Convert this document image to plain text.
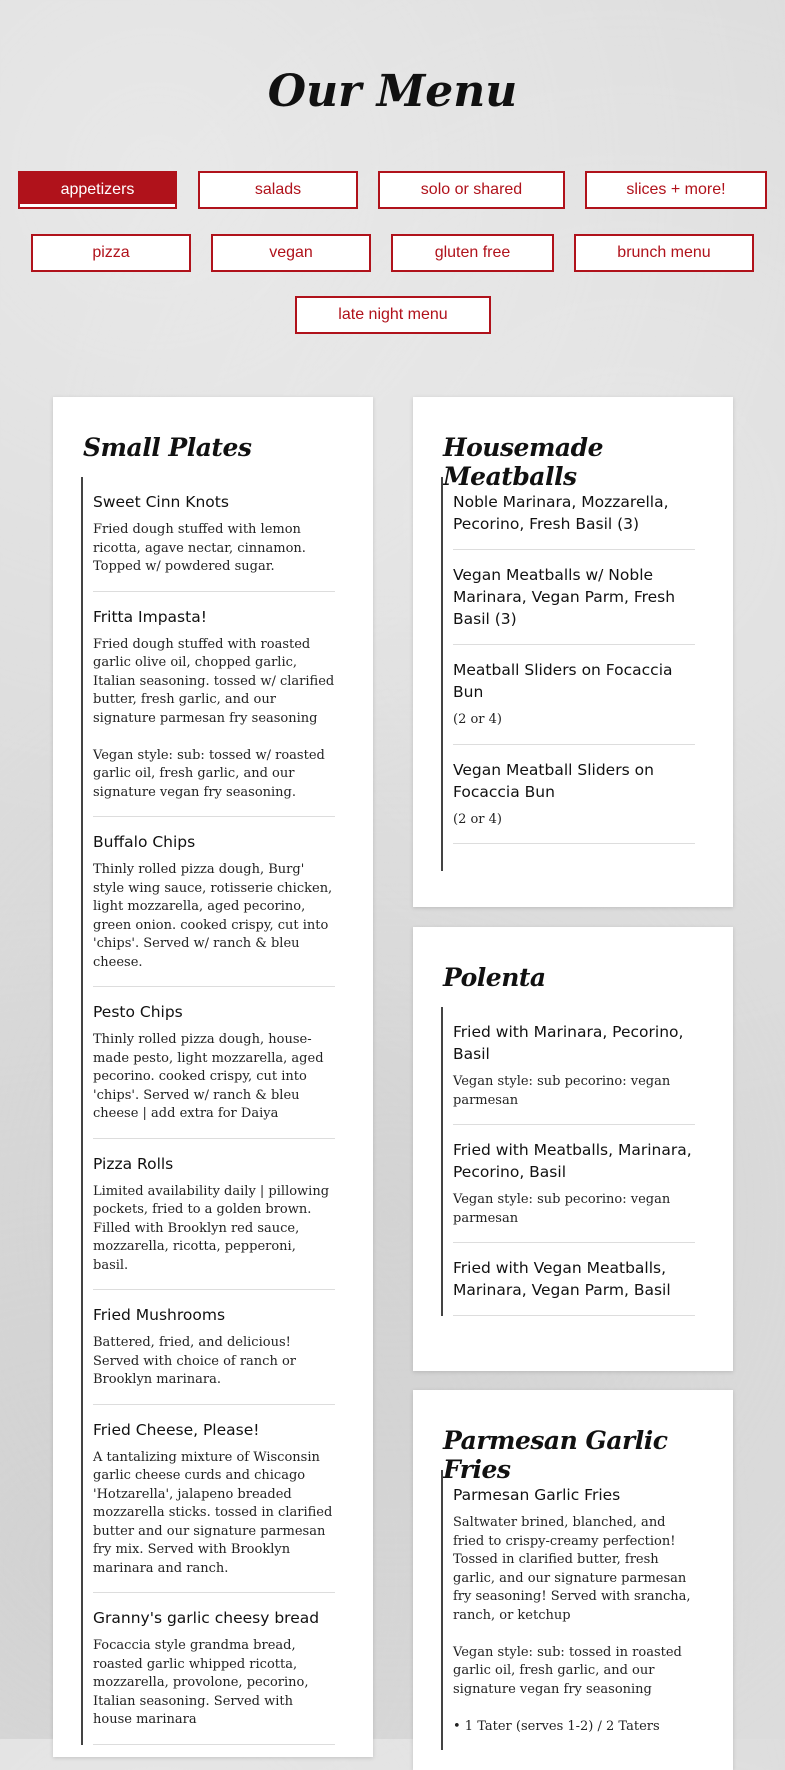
Our Menu
appetizers	salads	solo or shared	slices + more!
pizza	vegan	gluten free	brunch menu
late night menu
Small Plates
Sweet Cinn Knots
Fried dough stuffed with lemon ricotta, agave nectar, cinnamon. Topped w/ powdered sugar.
Fritta Impasta!
Fried dough stuffed with roasted garlic olive oil, chopped garlic, Italian seasoning. tossed w/ clarified butter, fresh garlic, and our signature parmesan fry seasoning

Vegan style: sub: tossed w/ roasted garlic oil, fresh garlic, and our signature vegan fry seasoning.
Buffalo Chips
Thinly rolled pizza dough, Burg' style wing sauce, rotisserie chicken, light mozzarella, aged pecorino, green onion. cooked crispy, cut into 'chips'. Served w/ ranch & bleu cheese.
Pesto Chips
Thinly rolled pizza dough, house-made pesto, light mozzarella, aged pecorino. cooked crispy, cut into 'chips'. Served w/ ranch & bleu cheese | add extra for Daiya
Pizza Rolls
Limited availability daily | pillowing pockets, fried to a golden brown. Filled with Brooklyn red sauce, mozzarella, ricotta, pepperoni, basil.
Fried Mushrooms
Battered, fried, and delicious! Served with choice of ranch or Brooklyn marinara.
Fried Cheese, Please!
A tantalizing mixture of Wisconsin garlic cheese curds and chicago 'Hotzarella', jalapeno breaded mozzarella sticks. tossed in clarified butter and our signature parmesan fry mix. Served with Brooklyn marinara and ranch.
Granny's garlic cheesy bread
Focaccia style grandma bread, roasted garlic whipped ricotta, mozzarella, provolone, pecorino, Italian seasoning. Served with house marinara
Housemade Meatballs
Noble Marinara, Mozzarella, Pecorino, Fresh Basil (3)
Vegan Meatballs w/ Noble Marinara, Vegan Parm, Fresh Basil (3)
Meatball Sliders on Focaccia Bun
(2 or 4)
Vegan Meatball Sliders on Focaccia Bun
(2 or 4)
Polenta
Fried with Marinara, Pecorino, Basil
Vegan style: sub pecorino: vegan parmesan
Fried with Meatballs, Marinara, Pecorino, Basil
Vegan style: sub pecorino: vegan parmesan
Fried with Vegan Meatballs, Marinara, Vegan Parm, Basil
Parmesan Garlic Fries
Parmesan Garlic Fries
Saltwater brined, blanched, and fried to crispy-creamy perfection! Tossed in clarified butter, fresh garlic, and our signature parmesan fry seasoning! Served with srancha, ranch, or ketchup

Vegan style: sub: tossed in roasted garlic oil, fresh garlic, and our signature vegan fry seasoning

• 1 Tater (serves 1-2) / 2 Taters
